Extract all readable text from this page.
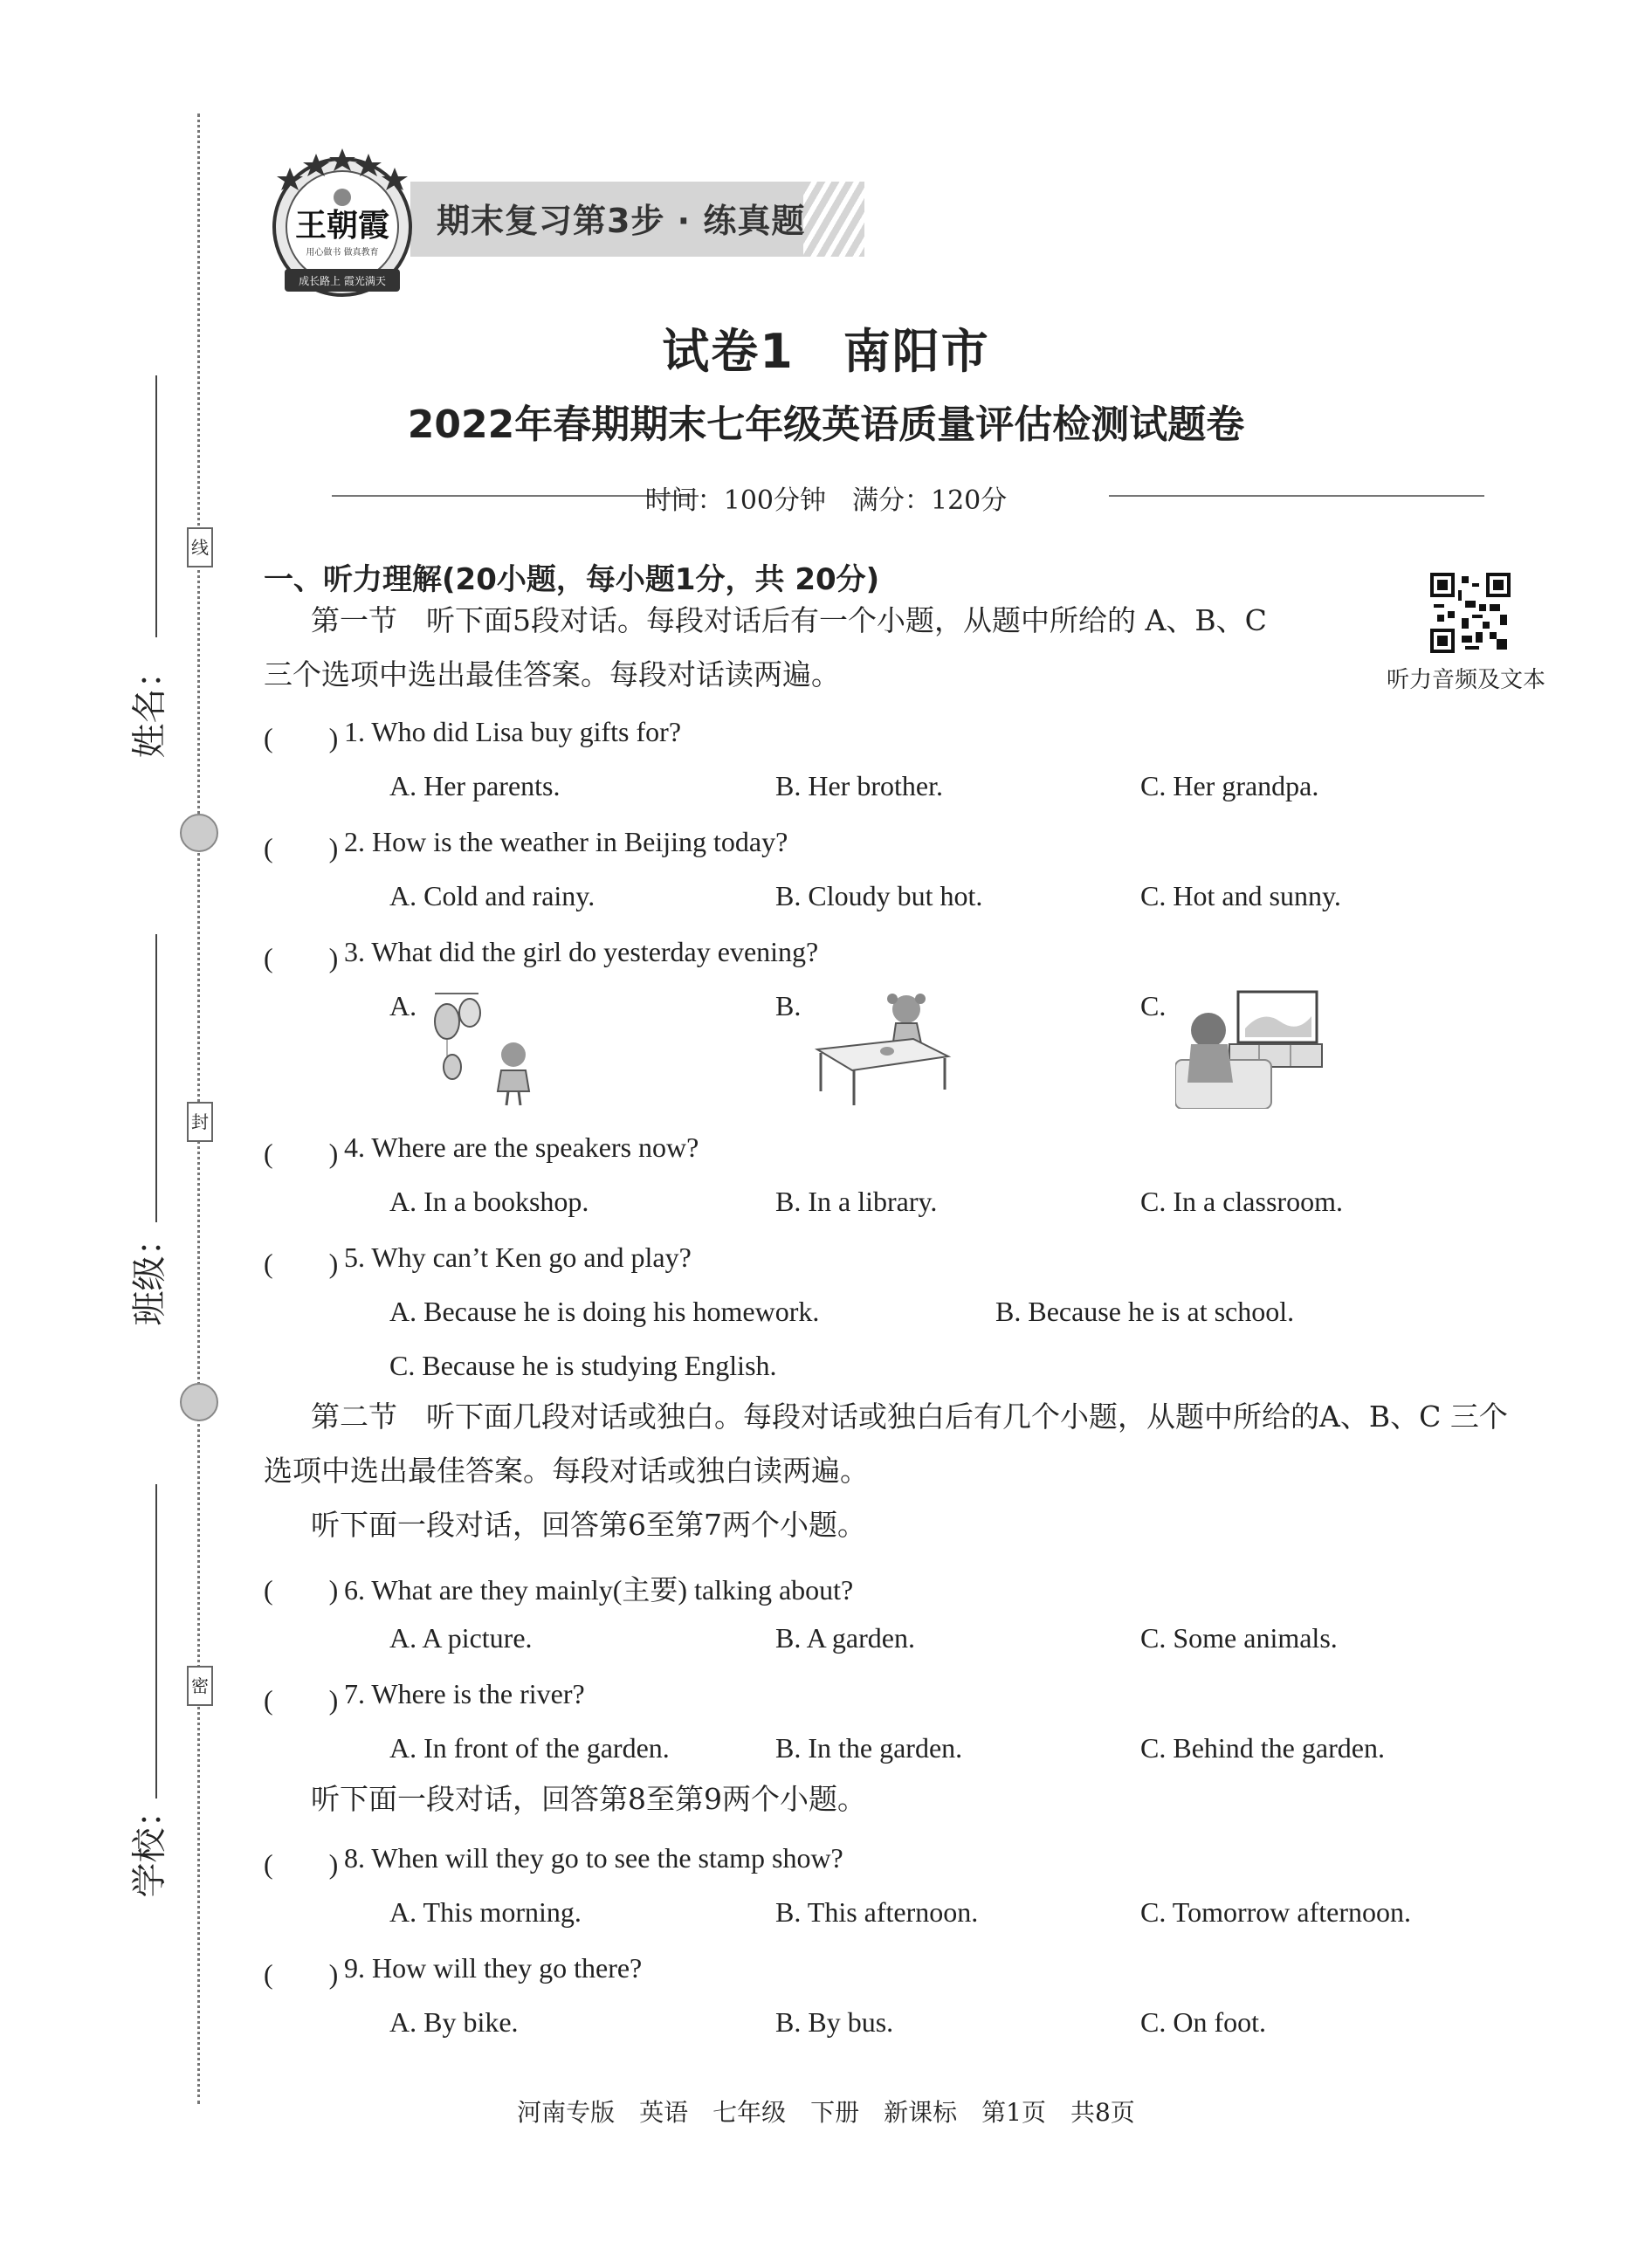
姓名：
班级：
学校：
线
封
密
期末复习第3步 · 练真题
王朝霞
用心做书 做真教育
成长路上 霞光满天
试卷1　南阳市
2022年春期期末七年级英语质量评估检测试题卷
时间：100分钟　满分：120分
一、听力理解(20小题，每小题1分，共 20分)
听力音频及文本
第一节　听下面5段对话。每段对话后有一个小题，从题中所给的 A、B、C
三个选项中选出最佳答案。每段对话读两遍。
(　　) 1. Who did Lisa buy gifts for?
A. Her parents.	B. Her brother.	C. Her grandpa.
(　　) 2. How is the weather in Beijing today?
A. Cold and rainy.	B. Cloudy but hot.	C. Hot and sunny.
(　　) 3. What did the girl do yesterday evening?
A.	B.	C.
(　　) 4. Where are the speakers now?
A. In a bookshop.	B. In a library.	C. In a classroom.
(　　) 5. Why can’t Ken go and play?
A. Because he is doing his homework.	B. Because he is at school.
C. Because he is studying English.
第二节　听下面几段对话或独白。每段对话或独白后有几个小题，从题中所给的A、B、C 三个
选项中选出最佳答案。每段对话或独白读两遍。
听下面一段对话，回答第6至第7两个小题。
(　　) 6. What are they mainly(主要) talking about?
A. A picture.	B. A garden.	C. Some animals.
(　　) 7. Where is the river?
A. In front of the garden.	B. In the garden.	C. Behind the garden.
听下面一段对话，回答第8至第9两个小题。
(　　) 8. When will they go to see the stamp show?
A. This morning.	B. This afternoon.	C. Tomorrow afternoon.
(　　) 9. How will they go there?
A. By bike.	B. By bus.	C. On foot.
河南专版　英语　七年级　下册　新课标　第1页　共8页
